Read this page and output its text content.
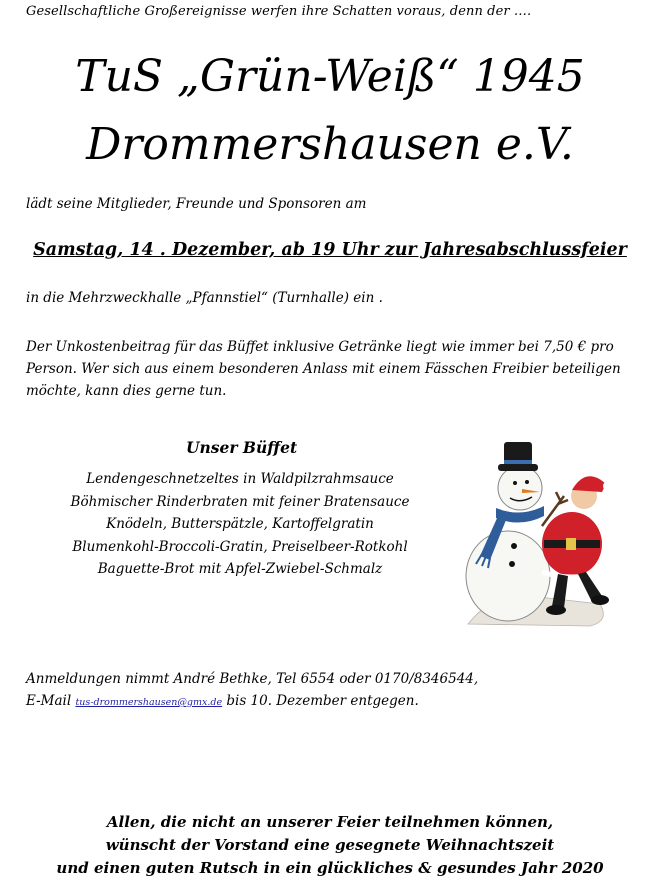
Gesellschaftliche Großereignisse werfen ihre Schatten voraus, denn der ….
TuS „Grün-Weiß“ 1945
Drommershausen e.V.
lädt seine Mitglieder, Freunde und Sponsoren am
Samstag, 14 . Dezember, ab 19 Uhr zur Jahresabschlussfeier
in die Mehrzweckhalle „Pfannstiel“ (Turnhalle) ein .
Der Unkostenbeitrag für das Büffet inklusive Getränke liegt wie immer bei 7,50 € pro Person. Wer sich aus einem besonderen Anlass mit einem Fässchen Freibier beteiligen möchte, kann dies gerne tun.
Unser Büffet
Lendengeschnetzeltes in Waldpilzrahmsauce
Böhmischer Rinderbraten mit feiner Bratensauce
Knödeln, Butterspätzle, Kartoffelgratin
Blumenkohl-Broccoli-Gratin, Preiselbeer-Rotkohl
Baguette-Brot mit Apfel-Zwiebel-Schmalz
Anmeldungen nimmt André Bethke, Tel 6554 oder 0170/8346544,
E-Mail tus-drommershausen@gmx.de bis 10. Dezember entgegen.
Allen, die nicht an unserer Feier teilnehmen können,
wünscht der Vorstand eine gesegnete Weihnachtszeit
und einen guten Rutsch in ein glückliches & gesundes Jahr 2020
